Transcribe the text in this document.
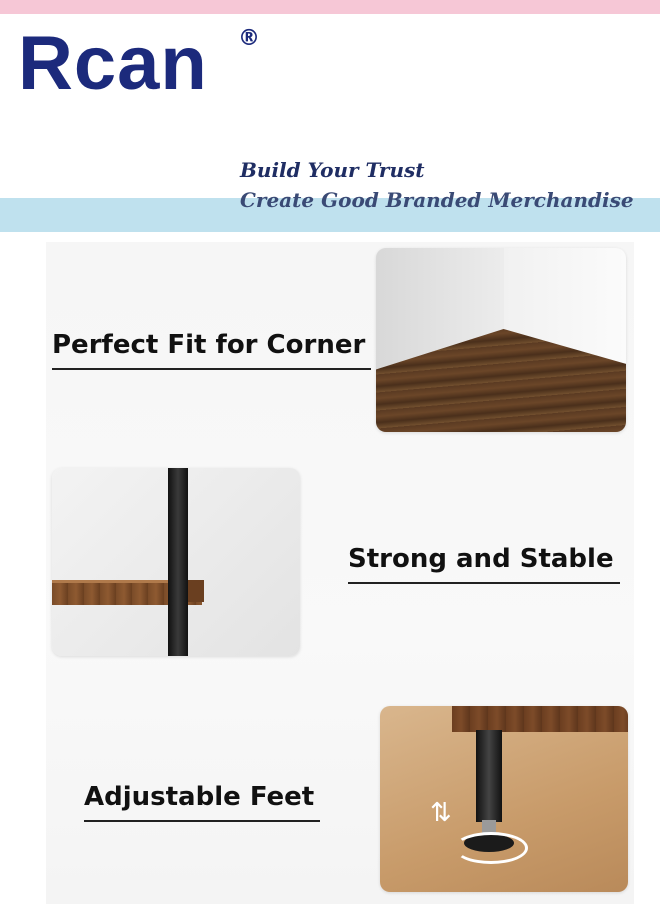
Rcan ®
Build Your Trust
Create Good Branded Merchandise
Perfect Fit for Corner
Strong and Stable
Adjustable Feet
⇅
